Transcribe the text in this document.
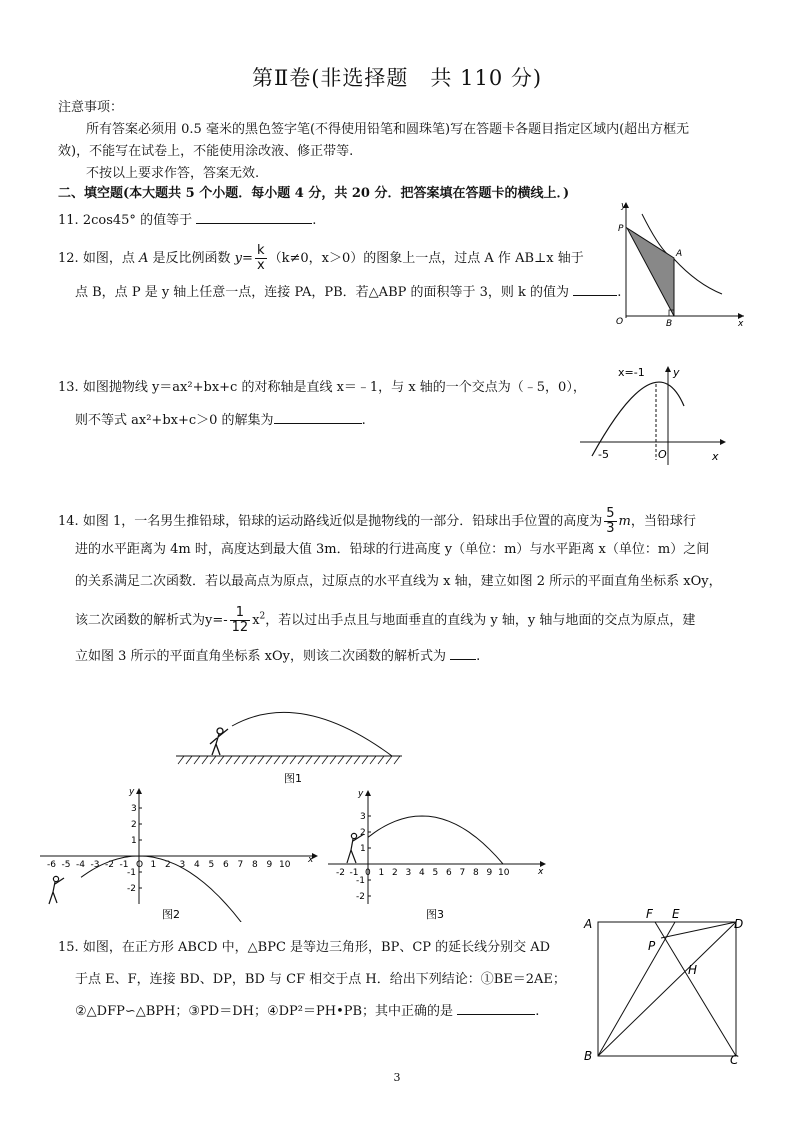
第Ⅱ卷(非选择题　共 110 分)
注意事项：
所有答案必须用 0.5 毫米的黑色签字笔(不得使用铅笔和圆珠笔)写在答题卡各题目指定区域内(超出方框无
效)，不能写在试卷上，不能使用涂改液、修正带等.
不按以上要求作答，答案无效.
二、填空题(本大题共 5 个小题．每小题 4 分，共 20 分．把答案填在答题卡的横线上．)
11. 2cos45° 的值等于	.
12. 如图，点 A 是反比例函数 $y= \frac{k}{x} (k\ne 0$，x＞0）的图象上一点，过点 A 作 AB⊥x 轴于
点 B，点 P 是 y 轴上任意一点，连接 PA，PB．若△ABP 的面积等于 3，则 k 的值为	.
P
A
O	B	x
y
13. 如图抛物线 y＝ax²+bx+c 的对称轴是直线 x＝﹣1，与 x 轴的一个交点为（﹣5，0），
则不等式 ax²+bx+c＞0 的解集为	.
x=-1	y
-5	O	x
14. 如图 1，一名男生推铅球，铅球的运动路线近似是抛物线的一部分．铅球出手位置的高度为 $\frac{5}{3}$ m，当铅球行
进的水平距离为 4m 时，高度达到最大值 3m．铅球的行进高度 y（单位：m）与水平距离 x（单位：m）之间
的关系满足二次函数．若以最高点为原点，过原点的水平直线为 x 轴，建立如图 2 所示的平面直角坐标系 xOy，
该二次函数的解析式为$y=- \frac{1}{12} x^2$，若以过出手点且与地面垂直的直线为 y 轴，y 轴与地面的交点为原点，建
立如图 3 所示的平面直角坐标系 xOy，则该二次函数的解析式为 .
图1
-6 -5 -4 -3 -2 -1 O 1 2 3 4 5 6 7 8 9 10
3
2
1
-1
-2
x
y
图2
-2 -1 0 1 2 3 4 5 6 7 8 9 10
3
2
1
-1
-2
x
y
图3
15. 如图，在正方形 ABCD 中，△BPC 是等边三角形，BP、CP 的延长线分别交 AD
于点 E、F，连接 BD、DP，BD 与 CF 相交于点 H．给出下列结论：①BE＝2AE；
②△DFP∽△BPH；③PD＝DH；④DP²＝PH•PB；其中正确的是	.
A
B	C
D
E
F
P
H
3
